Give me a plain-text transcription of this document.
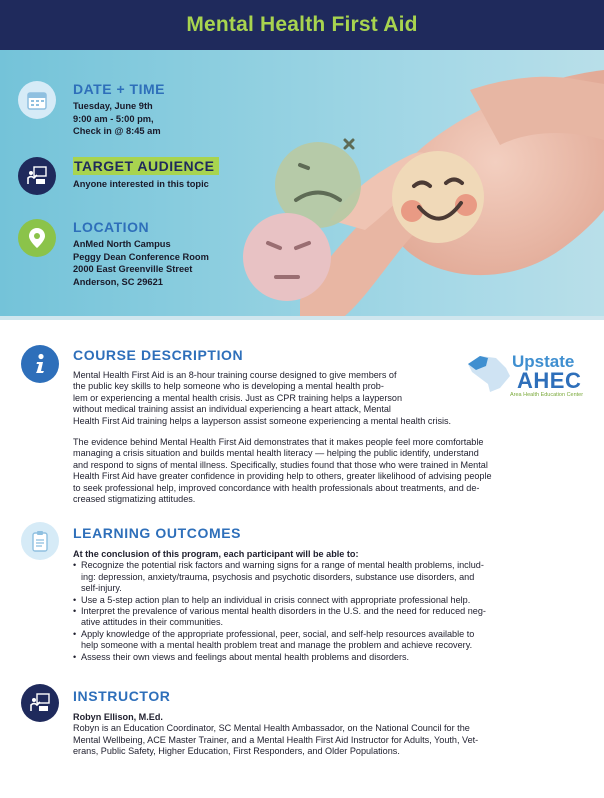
Mental Health First Aid
DATE + TIME
Tuesday, June 9th
9:00 am - 5:00 pm,
Check in @ 8:45 am
TARGET AUDIENCE
Anyone interested in this topic
LOCATION
AnMed North Campus
Peggy Dean Conference Room
2000 East Greenville Street
Anderson, SC 29621
Upstate
AHEC
Area Health Education Center
COURSE DESCRIPTION
Mental Health First Aid is an 8-hour training course designed to give members of
the public key skills to help someone who is developing a mental health prob-
lem or experiencing a mental health crisis. Just as CPR training helps a layperson
without medical training assist an individual experiencing a heart attack, Mental
Health First Aid training helps a layperson assist someone experiencing a mental health crisis.
The evidence behind Mental Health First Aid demonstrates that it makes people feel more comfortable
managing a crisis situation and builds mental health literacy — helping the public identify, understand
and respond to signs of mental illness. Specifically, studies found that those who were trained in Mental
Health First Aid have greater confidence in providing help to others, greater likelihood of advising people
to seek professional help, improved concordance with health professionals about treatments, and de-
creased stigmatizing attitudes.
LEARNING OUTCOMES
At the conclusion of this program, each participant will be able to:
• Recognize the potential risk factors and warning signs for a range of mental health problems, includ-
ing: depression, anxiety/trauma, psychosis and psychotic disorders, substance use disorders, and
self-injury.
• Use a 5-step action plan to help an individual in crisis connect with appropriate professional help.
• Interpret the prevalence of various mental health disorders in the U.S. and the need for reduced neg-
ative attitudes in their communities.
• Apply knowledge of the appropriate professional, peer, social, and self-help resources available to
help someone with a mental health problem treat and manage the problem and achieve recovery.
• Assess their own views and feelings about mental health problems and disorders.
INSTRUCTOR
Robyn Ellison, M.Ed.
Robyn is an Education Coordinator, SC Mental Health Ambassador, on the National Council for the
Mental Wellbeing, ACE Master Trainer, and a Mental Health First Aid Instructor for Adults, Youth, Vet-
erans, Public Safety, Higher Education, First Responders, and Older Populations.
